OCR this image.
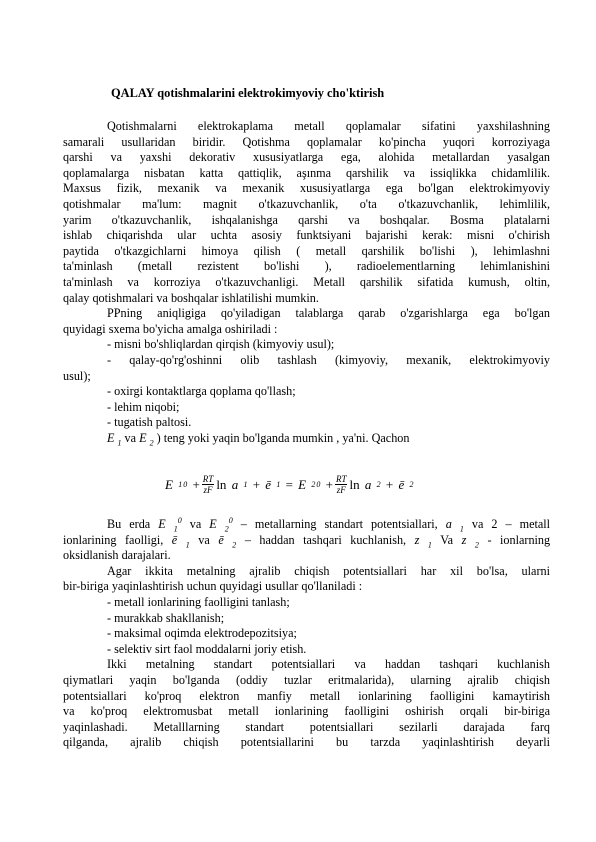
QALAY qotishmalarini elektrokimyoviy cho'ktirish
Qotishmalarni elektrokaplama metall qoplamalar sifatini yaxshilashning
samarali usullaridan biridir. Qotishma qoplamalar ko'pincha yuqori korroziyaga
qarshi va yaxshi dekorativ xususiyatlarga ega, alohida metallardan yasalgan
qoplamalarga nisbatan katta qattiqlik, aşınma qarshilik va issiqlikka chidamlilik.
Maxsus fizik, mexanik va mexanik xususiyatlarga ega bo'lgan elektrokimyoviy
qotishmalar ma'lum: magnit o'tkazuvchanlik, o'ta o'tkazuvchanlik, lehimlilik,
yarim o'tkazuvchanlik, ishqalanishga qarshi va boshqalar. Bosma platalarni
ishlab chiqarishda ular uchta asosiy funktsiyani bajarishi kerak: misni o'chirish
paytida o'tkazgichlarni himoya qilish ( metall qarshilik bo'lishi ), lehimlashni
ta'minlash (metall rezistent bo'lishi ), radioelementlarning lehimlanishini
ta'minlash va korroziya o'tkazuvchanligi. Metall qarshilik sifatida kumush, oltin,
qalay qotishmalari va boshqalar ishlatilishi mumkin.
PPning aniqligiga qo'yiladigan talablarga qarab o'zgarishlarga ega bo'lgan
quyidagi sxema bo'yicha amalga oshiriladi :
- misni bo'shliqlardan qirqish (kimyoviy usul);
- qalay-qo'rg'oshinni olib tashlash (kimyoviy, mexanik, elektrokimyoviy
usul);
- oxirgi kontaktlarga qoplama qo'llash;
- lehim niqobi;
- tugatish paltosi.
E $_1$ va E $_2$ ) teng yoki yaqin bo'lganda mumkin , ya'ni. Qachon
E
1 0
+ $\frac{RT}{zF}$ ln
a
1
+
ē
1
=
E
2 0
+ $\frac{RT}{zF}$ ln
a
2
+
ē
2
Bu erda E $_1^0$ va E $_2^0$ – metallarning standart potentsiallari, a $_1$ va 2 – metall
ionlarining faolligi, ē $_1$ va ē $_2$ – haddan tashqari kuchlanish, z $_1$ Va z $_2$ - ionlarning
oksidlanish darajalari.
Agar ikkita metalning ajralib chiqish potentsiallari har xil bo'lsa, ularni
bir-biriga yaqinlashtirish uchun quyidagi usullar qo'llaniladi :
- metall ionlarining faolligini tanlash;
- murakkab shakllanish;
- maksimal oqimda elektrodepozitsiya;
- selektiv sirt faol moddalarni joriy etish.
Ikki metalning standart potentsiallari va haddan tashqari kuchlanish
qiymatlari yaqin bo'lganda (oddiy tuzlar eritmalarida), ularning ajralib chiqish
potentsiallari ko'proq elektron manfiy metall ionlarining faolligini kamaytirish
va ko'proq elektromusbat metall ionlarining faolligini oshirish orqali bir-biriga
yaqinlashadi. Metalllarning standart potentsiallari sezilarli darajada farq
qilganda, ajralib chiqish potentsiallarini bu tarzda yaqinlashtirish deyarli
